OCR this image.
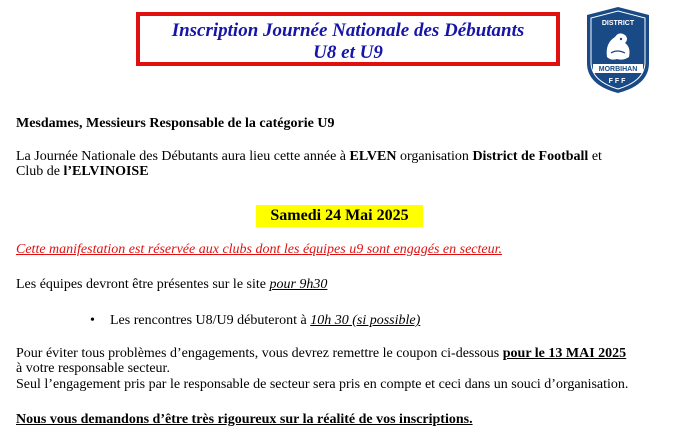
Inscription Journée Nationale des Débutants
U8 et U9
DISTRICT
MORBIHAN
FFF
Mesdames, Messieurs Responsable de la catégorie U9
La Journée Nationale des Débutants aura lieu cette année à ELVEN organisation District de Football et
Club de l’ELVINOISE
Samedi 24 Mai 2025
Cette manifestation est réservée aux clubs dont les équipes u9 sont engagés en secteur.
Les équipes devront être présentes sur le site pour 9h30
• Les rencontres U8/U9 débuteront à 10h 30 (si possible)
Pour éviter tous problèmes d’engagements, vous devrez remettre le coupon ci-dessous pour le 13 MAI 2025
à votre responsable secteur.
Seul l’engagement pris par le responsable de secteur sera pris en compte et ceci dans un souci d’organisation.
Nous vous demandons d’être très rigoureux sur la réalité de vos inscriptions.
